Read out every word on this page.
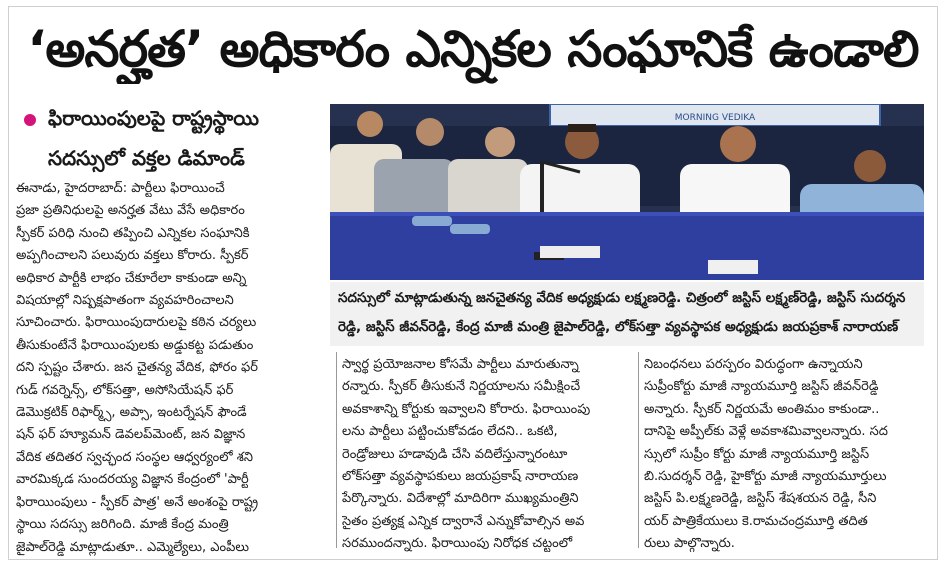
‘అనర్హత’ అధికారం ఎన్నికల సంఘానికే ఉండాలి
ఫిరాయింపులపై రాష్ట్రస్థాయి
సదస్సులో వక్తల డిమాండ్
MORNING VEDIKA

సదస్సులో మాట్లాడుతున్న జనచైతన్య వేదిక అధ్యక్షుడు లక్ష్మణరెడ్డి. చిత్రంలో జస్టిస్ లక్ష్మణ్‌రెడ్డి, జస్టిస్ సుదర్శన

రెడ్డి, జస్టిస్ జీవన్‌రెడ్డి, కేంద్ర మాజీ మంత్రి జైపాల్‌రెడ్డి, లోక్‌సత్తా వ్యవస్థాపక అధ్యక్షుడు జయప్రకాశ్ నారాయణ్

ఈనాడు, హైదరాబాద్: పార్టీలు ఫిరాయించే

ప్రజా ప్రతినిధులపై అనర్హత వేటు వేసే అధికారం

స్పీకర్ పరిధి నుంచి తప్పించి ఎన్నికల సంఘానికి

అప్పగించాలని పలువురు వక్తలు కోరారు. స్పీకర్

అధికార పార్టీకి లాభం చేకూరేలా కాకుండా అన్ని

విషయాల్లో నిష్పక్షపాతంగా వ్యవహరించాలని

సూచించారు. ఫిరాయింపుదారులపై కఠిన చర్యలు

తీసుకుంటేనే ఫిరాయింపులకు అడ్డుకట్ట పడుతుం

దని స్పష్టం చేశారు. జన చైతన్య వేదిక, ఫోరం ఫర్

గుడ్ గవర్నెన్స్, లోక్‌సత్తా, అసోసియేషన్ ఫర్

డెమొక్రటిక్ రిఫార్మ్స్, అప్సా, ఇంటర్నేషన్ ఫౌండే

షన్ ఫర్ హ్యూమన్ డెవలప్‌మెంట్, జన విజ్ఞాన

వేదిక తదితర స్వచ్ఛంద సంస్థల ఆధ్వర్యంలో శని

వారమిక్కడ సుందరయ్య విజ్ఞాన కేంద్రంలో 'పార్టీ

ఫిరాయింపులు - స్పీకర్ పాత్ర' అనే అంశంపై రాష్ట్ర

స్థాయి సదస్సు జరిగింది. మాజీ కేంద్ర మంత్రి

జైపాల్‌రెడ్డి మాట్లాడుతూ.. ఎమ్మెల్యేలు, ఎంపీలు

స్వార్థ ప్రయోజనాల కోసమే పార్టీలు మారుతున్నా

రన్నారు. స్పీకర్ తీసుకునే నిర్ణయాలను సమీక్షించే

అవకాశాన్ని కోర్టుకు ఇవ్వాలని కోరారు. ఫిరాయింపు

లను పార్టీలు పట్టించుకోవడం లేదని.. ఒకటి,

రెండ్రోజులు హడావుడి చేసి వదిలేస్తున్నారంటూ

లోక్‌సత్తా వ్యవస్థాపకులు జయప్రకాష్ నారాయణ

పేర్కొన్నారు. విదేశాల్లో మాదిరిగా ముఖ్యమంత్రిని

సైతం ప్రత్యక్ష ఎన్నిక ద్వారానే ఎన్నుకోవాల్సిన అవ

సరముందన్నారు. ఫిరాయింపు నిరోధక చట్టంలో

నిబంధనలు పరస్పరం విరుద్ధంగా ఉన్నాయని

సుప్రీంకోర్టు మాజీ న్యాయమూర్తి జస్టిస్ జీవన్‌రెడ్డి

అన్నారు. స్పీకర్ నిర్ణయమే అంతిమం కాకుండా..

దానిపై అప్పీల్‌కు వెళ్లే అవకాశమివ్వాలన్నారు. సద

స్సులో సుప్రీం కోర్టు మాజీ న్యాయమూర్తి జస్టిస్

బి.సుదర్శన్ రెడ్డి, హైకోర్టు మాజీ న్యాయమూర్తులు

జస్టిస్ పి.లక్ష్మణరెడ్డి, జస్టిస్ శేషశయన రెడ్డి, సీని

యర్ పాత్రికేయులు కె.రామచంద్రమూర్తి తదిత

రులు పాల్గొన్నారు.
